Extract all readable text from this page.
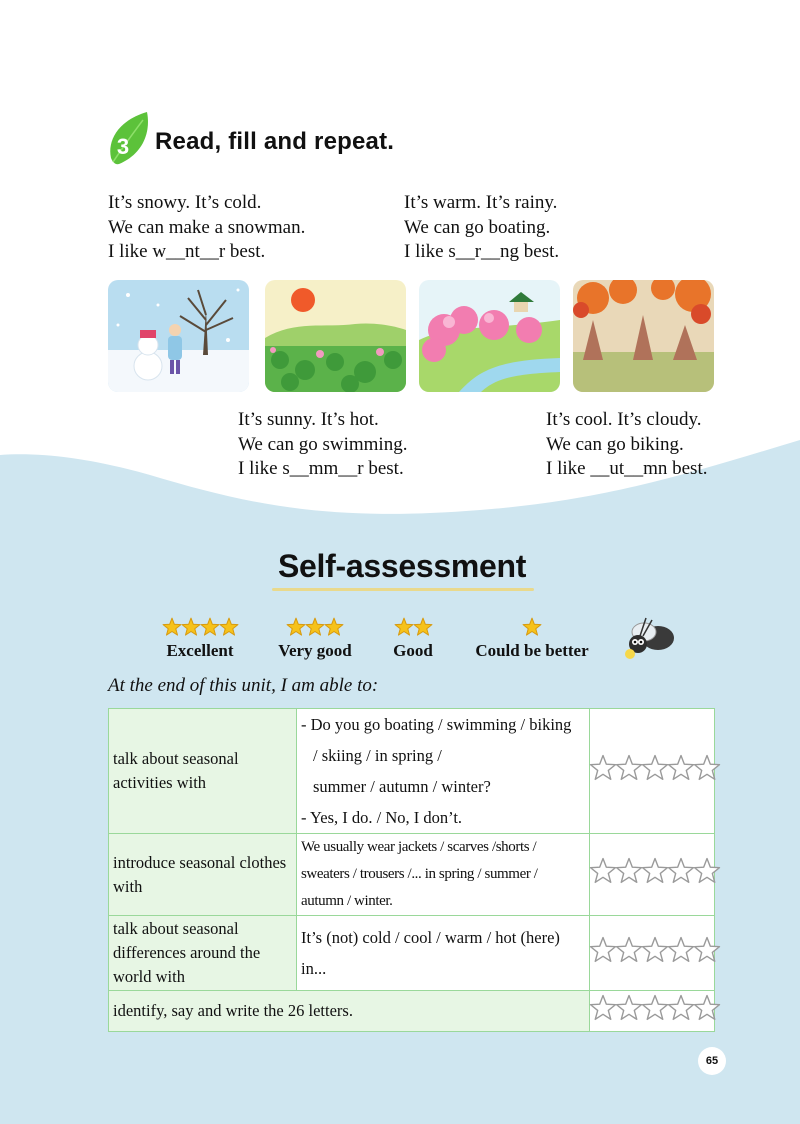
3 Read, fill and repeat.
It’s snowy. It’s cold.
We can make a snowman.
I like w__nt__r best.
It’s warm. It’s rainy.
We can go boating.
I like s__r__ng best.
It’s sunny. It’s hot.
We can go swimming.
I like s__mm__r best.
It’s cool. It’s cloudy.
We can go biking.
I like __ut__mn best.
Self-assessment
Excellent	Very good	Good	Could be better
At the end of this unit, I am able to:
talk about seasonal activities with	- Do you go boating / swimming / biking
/ skiing / in spring /
summer / autumn / winter?
- Yes, I do. / No, I don’t.

introduce seasonal clothes with	We usually wear jackets / scarves /shorts /
sweaters / trousers /... in spring / summer /
autumn / winter.

talk about seasonal differences around the world with	It’s (not) cold / cool / warm / hot (here)
in...

identify, say and write the 26 letters.	
65
